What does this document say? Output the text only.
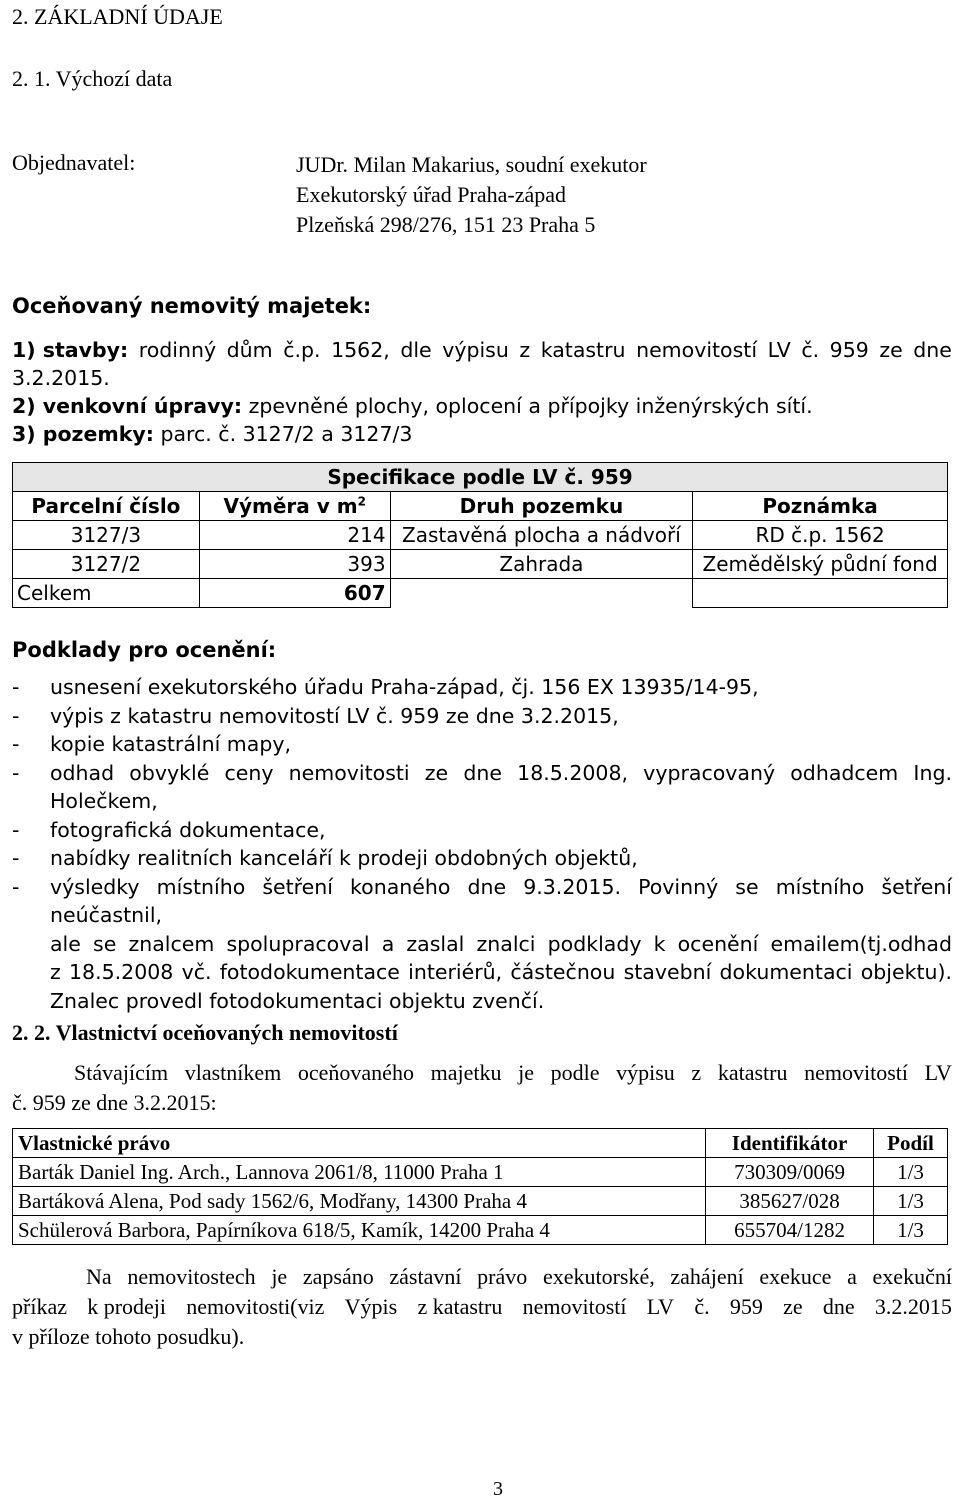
2. ZÁKLADNÍ ÚDAJE
2. 1. Výchozí data
Objednavatel:	JUDr. Milan Makarius, soudní exekutor
Exekutorský úřad Praha-západ
Plzeňská 298/276, 151 23 Praha 5
Oceňovaný nemovitý majetek:
1) stavby: rodinný dům č.p. 1562, dle výpisu z katastru nemovitostí LV č. 959 ze dne
3.2.2015.
2) venkovní úpravy: zpevněné plochy, oplocení a přípojky inženýrských sítí.
3) pozemky: parc. č. 3127/2 a 3127/3
Specifikace podle LV č. 959			
Parcelní číslo	Výměra v $m^2$	Druh pozemku	Poznámka
3127/3	214	Zastavěná plocha a nádvoří	RD č.p. 1562
3127/2	393	Zahrada	Zemědělský půdní fond
Celkem	607		
Podklady pro ocenění:
- usnesení exekutorského úřadu Praha-západ, čj. 156 EX 13935/14-95,
- výpis z katastru nemovitostí LV č. 959 ze dne 3.2.2015,
- kopie katastrální mapy,
- odhad obvyklé ceny nemovitosti ze dne 18.5.2008, vypracovaný odhadcem Ing.
Holečkem,
- fotografická dokumentace,
- nabídky realitních kanceláří k prodeji obdobných objektů,
- výsledky místního šetření konaného dne 9.3.2015. Povinný se místního šetření neúčastnil,
ale se znalcem spolupracoval a zaslal znalci podklady k ocenění emailem(tj.odhad
z 18.5.2008 vč. fotodokumentace interiérů, částečnou stavební dokumentaci objektu).
Znalec provedl fotodokumentaci objektu zvenčí.
2. 2. Vlastnictví oceňovaných nemovitostí
Stávajícím vlastníkem oceňovaného majetku je podle výpisu z katastru nemovitostí LV
č. 959 ze dne 3.2.2015:
Vlastnické právo	Identifikátor	Podíl
Barták Daniel Ing. Arch., Lannova 2061/8, 11000 Praha 1	730309/0069	1/3
Bartáková Alena, Pod sady 1562/6, Modřany, 14300 Praha 4	385627/028	1/3
Schülerová Barbora, Papírníkova 618/5, Kamík, 14200 Praha 4	655704/1282	1/3
Na nemovitostech je zapsáno zástavní právo exekutorské, zahájení exekuce a exekuční
příkaz k prodeji nemovitosti(viz Výpis z katastru nemovitostí LV č. 959 ze dne 3.2.2015
v příloze tohoto posudku).
3
